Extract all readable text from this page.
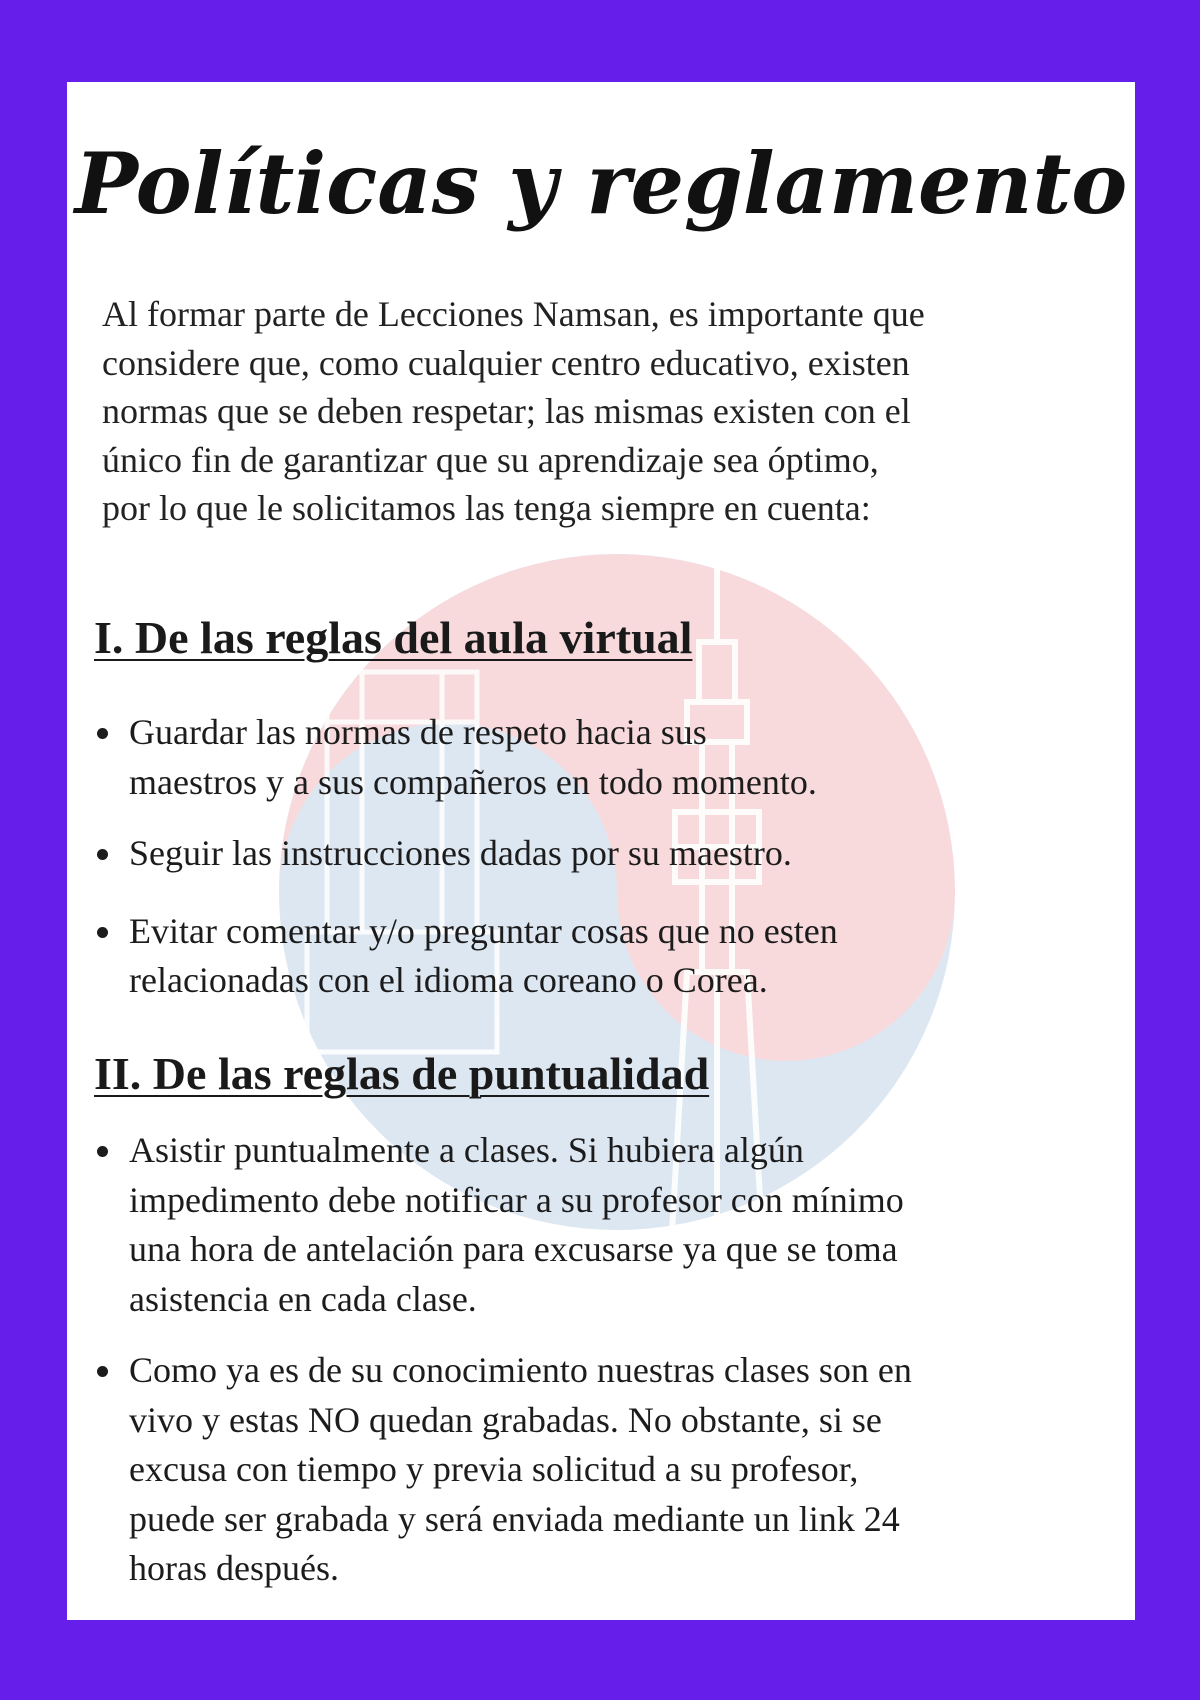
Políticas y reglamento

Al formar parte de Lecciones Namsan, es importante que
considere que, como cualquier centro educativo, existen
normas que se deben respetar; las mismas existen con el
único fin de garantizar que su aprendizaje sea óptimo,
por lo que le solicitamos las tenga siempre en cuenta:

I. De las reglas del aula virtual
Guardar las normas de respeto hacia sus
maestros y a sus compañeros en todo momento.
Seguir las instrucciones dadas por su maestro.
Evitar comentar y/o preguntar cosas que no esten
relacionadas con el idioma coreano o Corea.
II. De las reglas de puntualidad
Asistir puntualmente a clases. Si hubiera algún
impedimento debe notificar a su profesor con mínimo
una hora de antelación para excusarse ya que se toma
asistencia en cada clase.
Como ya es de su conocimiento nuestras clases son en
vivo y estas NO quedan grabadas. No obstante, si se
excusa con tiempo y previa solicitud a su profesor,
puede ser grabada y será enviada mediante un link 24
horas después.
